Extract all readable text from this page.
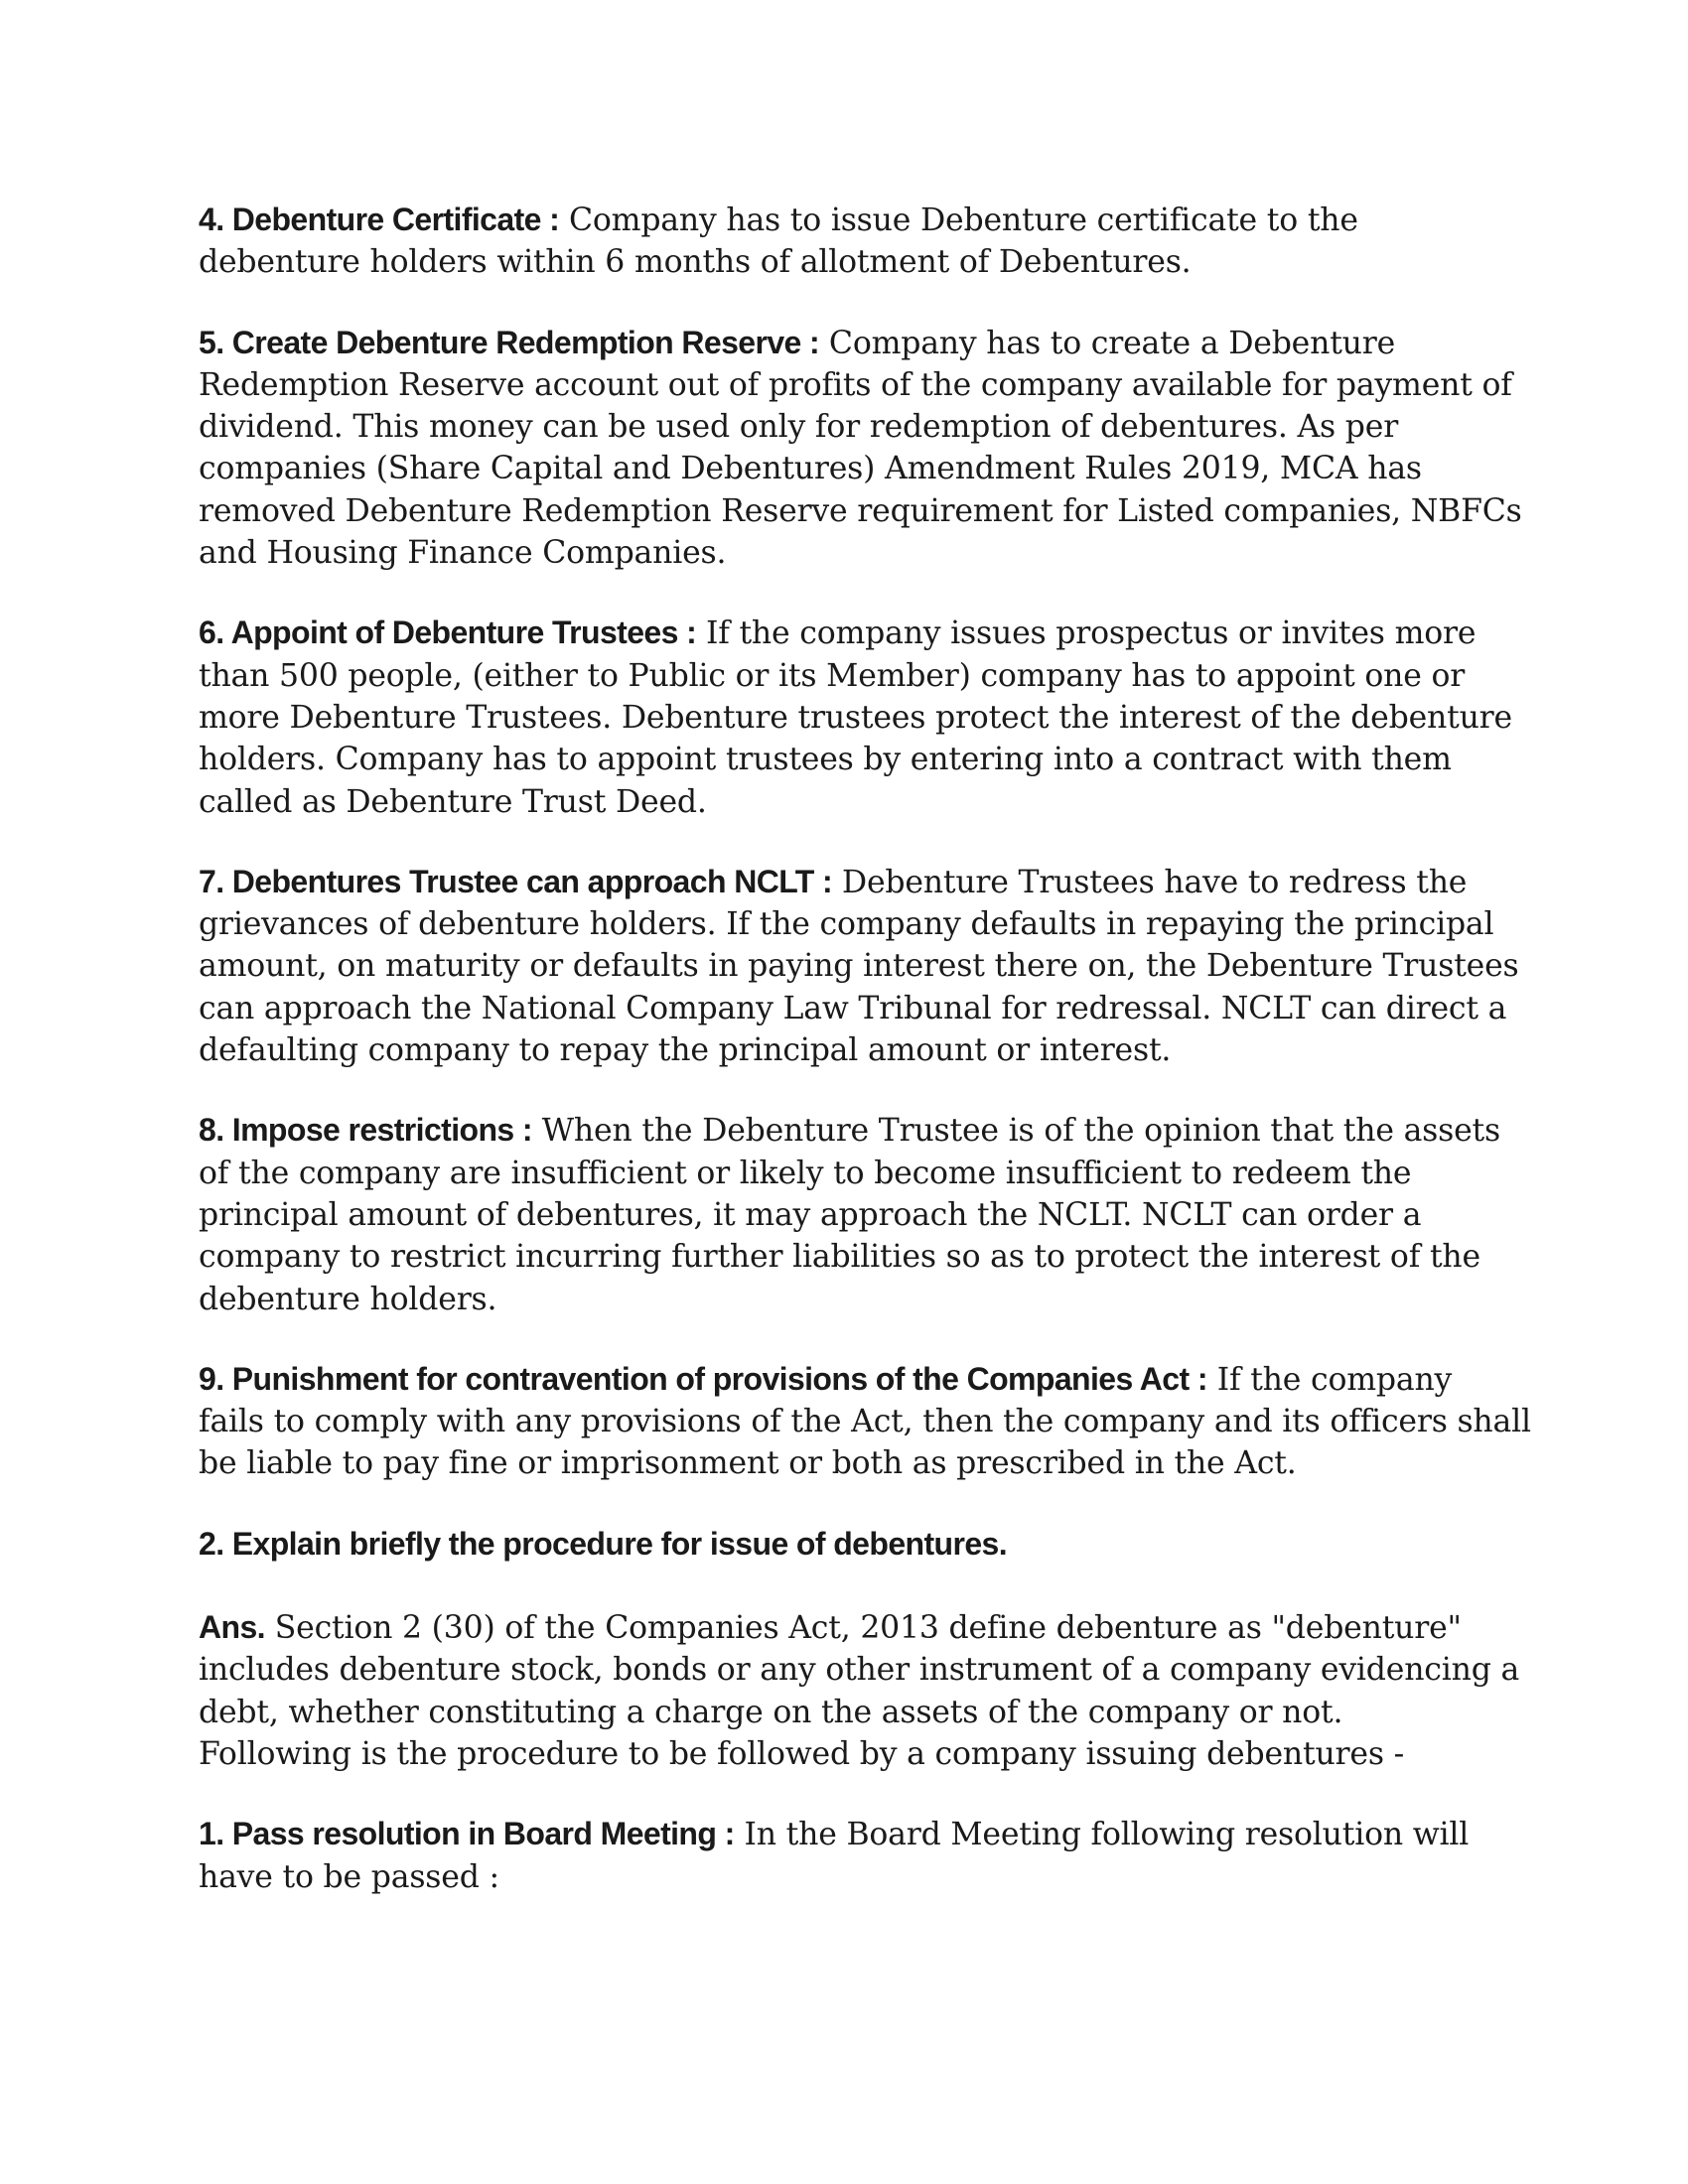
4. Debenture Certificate : Company has to issue Debenture certificate to the
debenture holders within 6 months of allotment of Debentures.
5. Create Debenture Redemption Reserve : Company has to create a Debenture
Redemption Reserve account out of profits of the company available for payment of
dividend. This money can be used only for redemption of debentures. As per
companies (Share Capital and Debentures) Amendment Rules 2019, MCA has
removed Debenture Redemption Reserve requirement for Listed companies, NBFCs
and Housing Finance Companies.
6. Appoint of Debenture Trustees : If the company issues prospectus or invites more
than 500 people, (either to Public or its Member) company has to appoint one or
more Debenture Trustees. Debenture trustees protect the interest of the debenture
holders. Company has to appoint trustees by entering into a contract with them
called as Debenture Trust Deed.
7. Debentures Trustee can approach NCLT : Debenture Trustees have to redress the
grievances of debenture holders. If the company defaults in repaying the principal
amount, on maturity or defaults in paying interest there on, the Debenture Trustees
can approach the National Company Law Tribunal for redressal. NCLT can direct a
defaulting company to repay the principal amount or interest.
8. Impose restrictions : When the Debenture Trustee is of the opinion that the assets
of the company are insufficient or likely to become insufficient to redeem the
principal amount of debentures, it may approach the NCLT. NCLT can order a
company to restrict incurring further liabilities so as to protect the interest of the
debenture holders.
9. Punishment for contravention of provisions of the Companies Act : If the company
fails to comply with any provisions of the Act, then the company and its officers shall
be liable to pay fine or imprisonment or both as prescribed in the Act.
2. Explain briefly the procedure for issue of debentures.
Ans. Section 2 (30) of the Companies Act, 2013 define debenture as "debenture"
includes debenture stock, bonds or any other instrument of a company evidencing a
debt, whether constituting a charge on the assets of the company or not.
Following is the procedure to be followed by a company issuing debentures -
1. Pass resolution in Board Meeting : In the Board Meeting following resolution will
have to be passed :
